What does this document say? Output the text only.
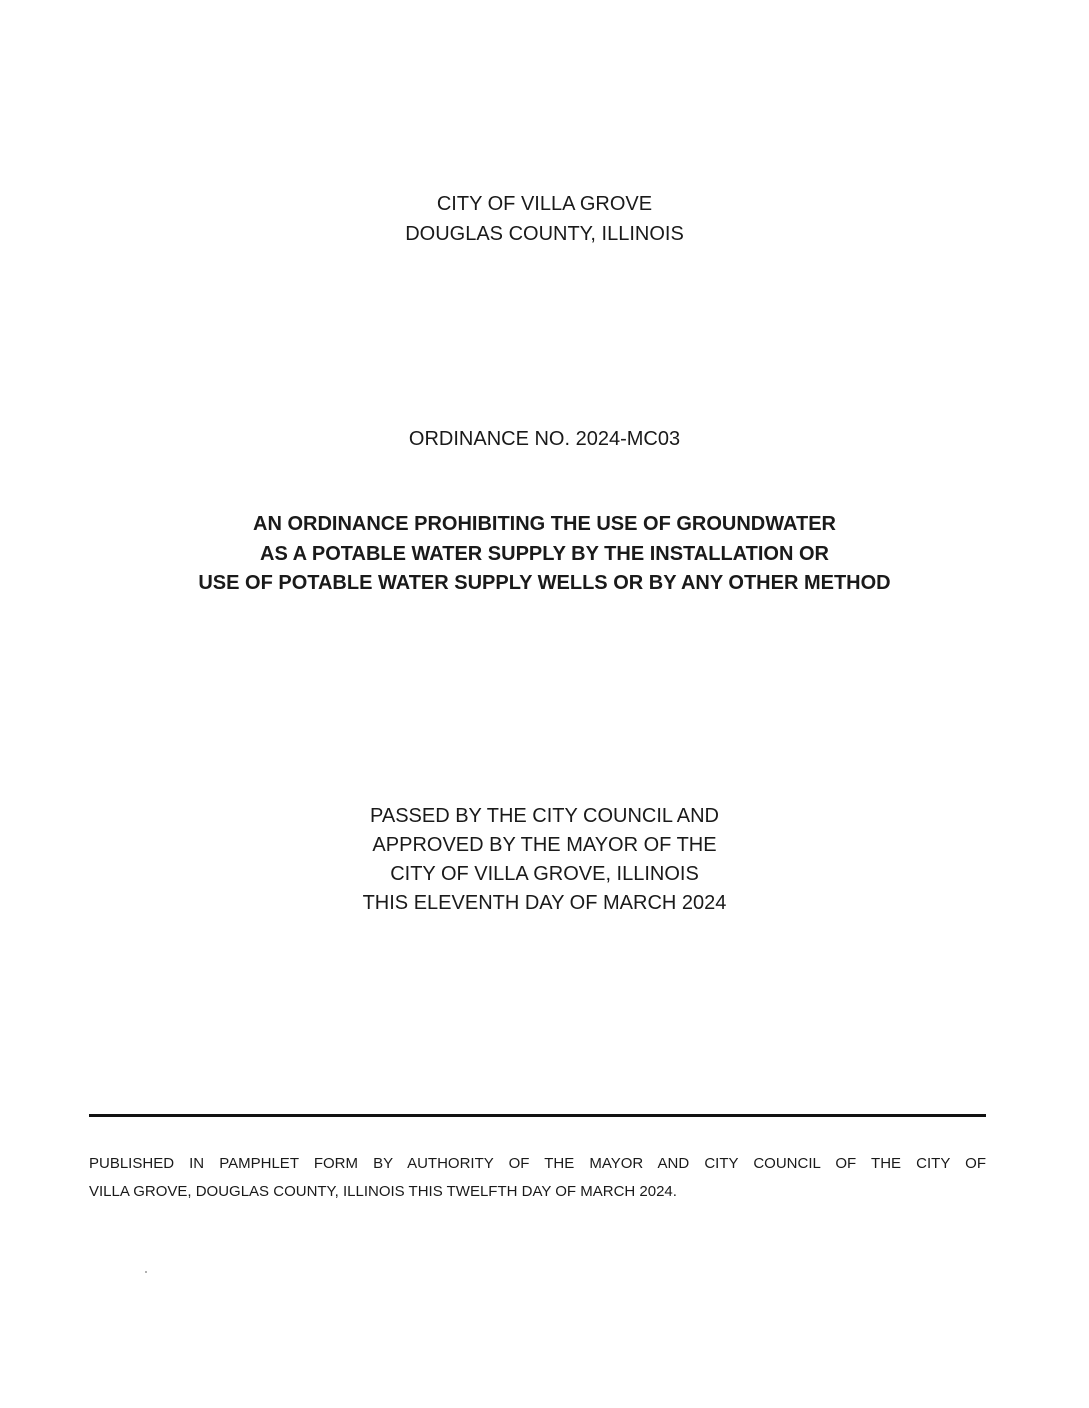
CITY OF VILLA GROVE
DOUGLAS COUNTY, ILLINOIS
ORDINANCE NO. 2024-MC03
AN ORDINANCE PROHIBITING THE USE OF GROUNDWATER
AS A POTABLE WATER SUPPLY BY THE INSTALLATION OR
USE OF POTABLE WATER SUPPLY WELLS OR BY ANY OTHER METHOD
PASSED BY THE CITY COUNCIL AND
APPROVED BY THE MAYOR OF THE
CITY OF VILLA GROVE, ILLINOIS
THIS ELEVENTH DAY OF MARCH 2024
PUBLISHED IN PAMPHLET FORM BY AUTHORITY OF THE MAYOR AND CITY COUNCIL OF THE CITY OF
VILLA GROVE, DOUGLAS COUNTY, ILLINOIS THIS TWELFTH DAY OF MARCH 2024.
